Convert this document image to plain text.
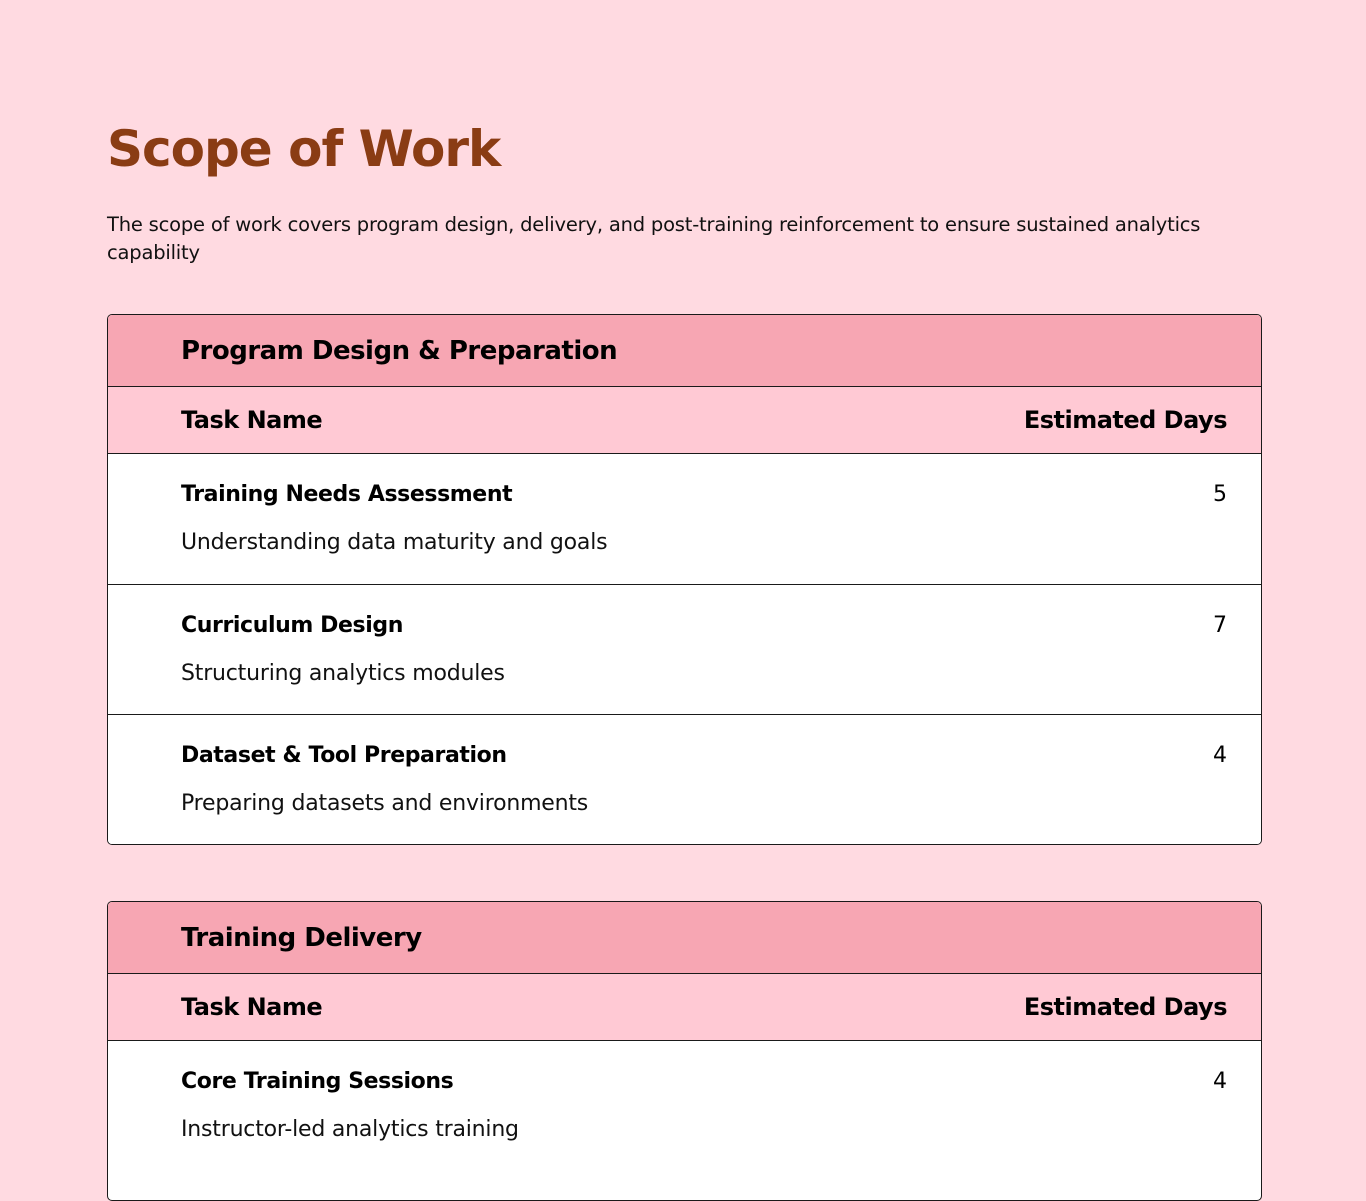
Scope of Work

The scope of work covers program design, delivery, and post-training reinforcement to ensure sustained analytics capability

Program Design & Preparation
Task Name	Estimated Days
Training Needs Assessment	5
Understanding data maturity and goals
Curriculum Design	7
Structuring analytics modules
Dataset & Tool Preparation	4
Preparing datasets and environments
Training Delivery
Task Name	Estimated Days
Core Training Sessions	4
Instructor-led analytics training
